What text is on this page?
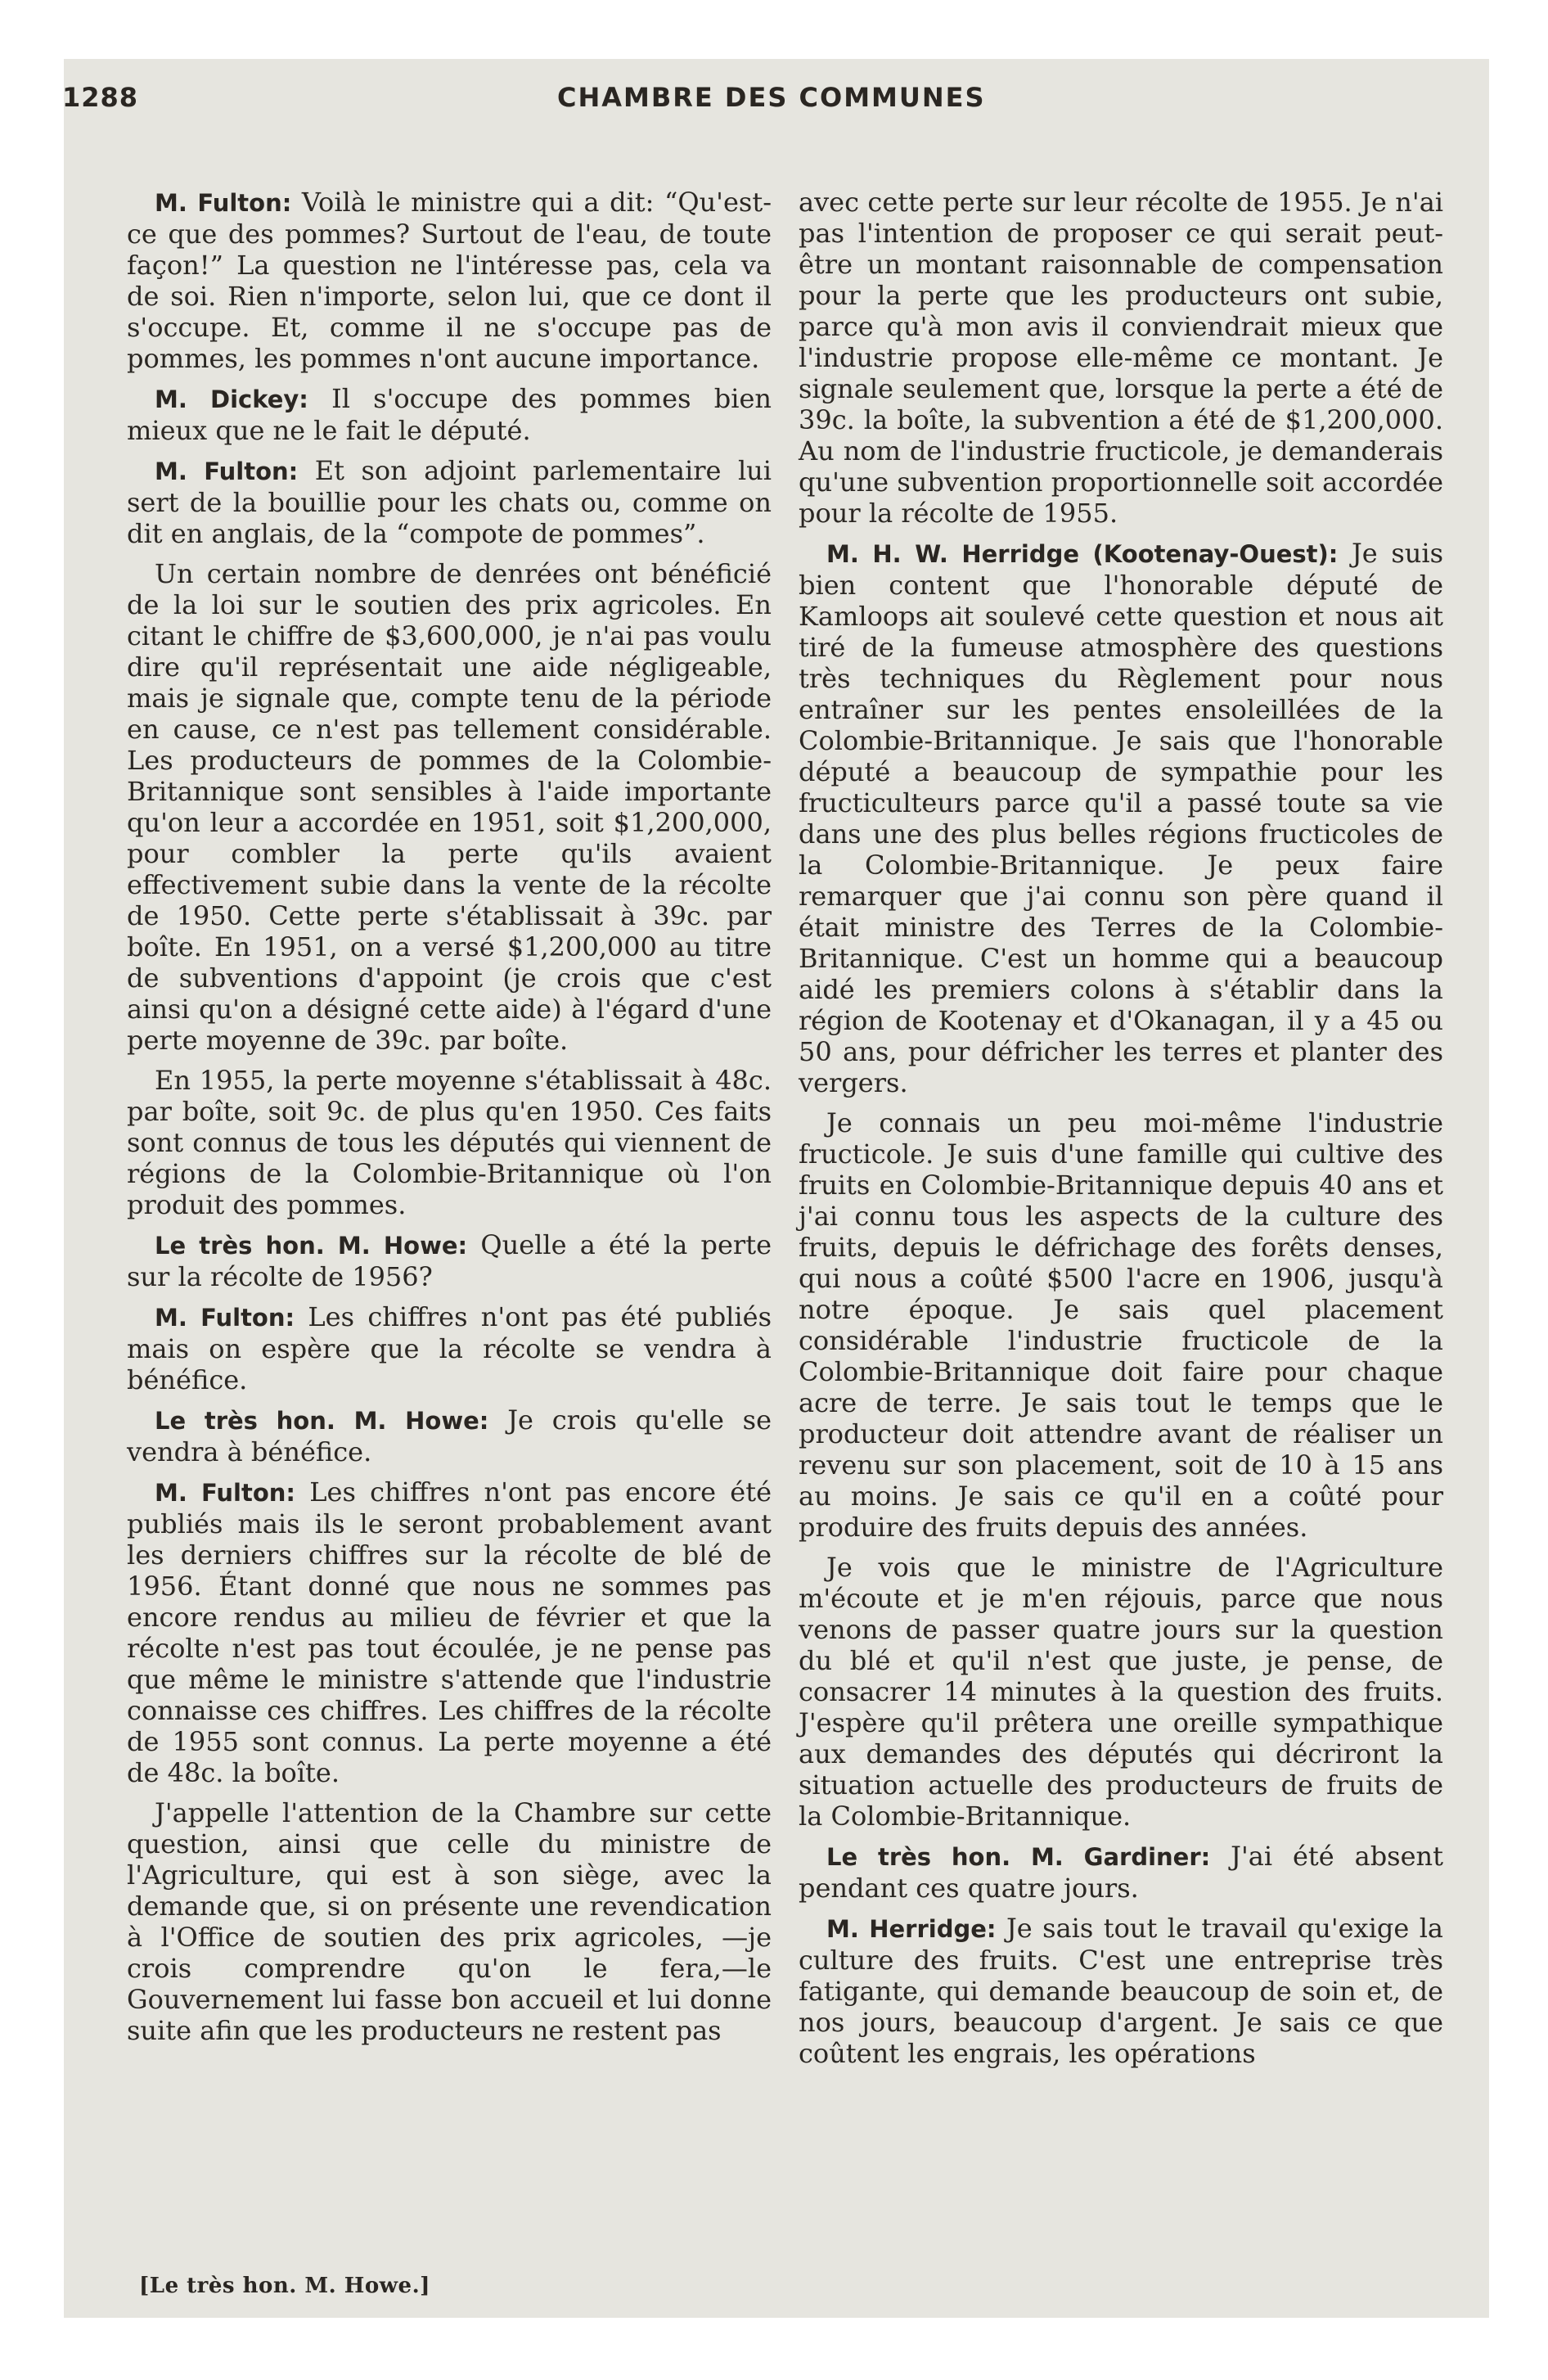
1288	CHAMBRE DES COMMUNES

M. Fulton: Voilà le ministre qui a dit: “Qu'est-ce que des pommes? Surtout de l'eau, de toute façon!” La question ne l'intéresse pas, cela va de soi. Rien n'importe, selon lui, que ce dont il s'occupe. Et, comme il ne s'occupe pas de pommes, les pommes n'ont aucune importance.

M. Dickey: Il s'occupe des pommes bien mieux que ne le fait le député.

M. Fulton: Et son adjoint parlementaire lui sert de la bouillie pour les chats ou, comme on dit en anglais, de la “compote de pommes”.

Un certain nombre de denrées ont bénéficié de la loi sur le soutien des prix agricoles. En citant le chiffre de $3,600,000, je n'ai pas voulu dire qu'il représentait une aide négligeable, mais je signale que, compte tenu de la période en cause, ce n'est pas tellement considérable. Les producteurs de pommes de la Colombie-Britannique sont sensibles à l'aide importante qu'on leur a accordée en 1951, soit $1,200,000, pour combler la perte qu'ils avaient effectivement subie dans la vente de la récolte de 1950. Cette perte s'établissait à 39c. par boîte. En 1951, on a versé $1,200,000 au titre de subventions d'appoint (je crois que c'est ainsi qu'on a désigné cette aide) à l'égard d'une perte moyenne de 39c. par boîte.

En 1955, la perte moyenne s'établissait à 48c. par boîte, soit 9c. de plus qu'en 1950. Ces faits sont connus de tous les députés qui viennent de régions de la Colombie-Britannique où l'on produit des pommes.

Le très hon. M. Howe: Quelle a été la perte sur la récolte de 1956?

M. Fulton: Les chiffres n'ont pas été publiés mais on espère que la récolte se vendra à bénéfice.

Le très hon. M. Howe: Je crois qu'elle se vendra à bénéfice.

M. Fulton: Les chiffres n'ont pas encore été publiés mais ils le seront probablement avant les derniers chiffres sur la récolte de blé de 1956. Étant donné que nous ne sommes pas encore rendus au milieu de février et que la récolte n'est pas tout écoulée, je ne pense pas que même le ministre s'attende que l'industrie connaisse ces chiffres. Les chiffres de la récolte de 1955 sont connus. La perte moyenne a été de 48c. la boîte.

J'appelle l'attention de la Chambre sur cette question, ainsi que celle du ministre de l'Agriculture, qui est à son siège, avec la demande que, si on présente une revendication à l'Office de soutien des prix agricoles, —je crois comprendre qu'on le fera,—le Gouvernement lui fasse bon accueil et lui donne suite afin que les producteurs ne restent pas

avec cette perte sur leur récolte de 1955. Je n'ai pas l'intention de proposer ce qui serait peut-être un montant raisonnable de compensation pour la perte que les producteurs ont subie, parce qu'à mon avis il conviendrait mieux que l'industrie propose elle-même ce montant. Je signale seulement que, lorsque la perte a été de 39c. la boîte, la subvention a été de $1,200,000. Au nom de l'industrie fructicole, je demanderais qu'une subvention proportionnelle soit accordée pour la récolte de 1955.

M. H. W. Herridge (Kootenay-Ouest): Je suis bien content que l'honorable député de Kamloops ait soulevé cette question et nous ait tiré de la fumeuse atmosphère des questions très techniques du Règlement pour nous entraîner sur les pentes ensoleillées de la Colombie-Britannique. Je sais que l'honorable député a beaucoup de sympathie pour les fructiculteurs parce qu'il a passé toute sa vie dans une des plus belles régions fructicoles de la Colombie-Britannique. Je peux faire remarquer que j'ai connu son père quand il était ministre des Terres de la Colombie-Britannique. C'est un homme qui a beaucoup aidé les premiers colons à s'établir dans la région de Kootenay et d'Okanagan, il y a 45 ou 50 ans, pour défricher les terres et planter des vergers.

Je connais un peu moi-même l'industrie fructicole. Je suis d'une famille qui cultive des fruits en Colombie-Britannique depuis 40 ans et j'ai connu tous les aspects de la culture des fruits, depuis le défrichage des forêts denses, qui nous a coûté $500 l'acre en 1906, jusqu'à notre époque. Je sais quel placement considérable l'industrie fructicole de la Colombie-Britannique doit faire pour chaque acre de terre. Je sais tout le temps que le producteur doit attendre avant de réaliser un revenu sur son placement, soit de 10 à 15 ans au moins. Je sais ce qu'il en a coûté pour produire des fruits depuis des années.

Je vois que le ministre de l'Agriculture m'écoute et je m'en réjouis, parce que nous venons de passer quatre jours sur la question du blé et qu'il n'est que juste, je pense, de consacrer 14 minutes à la question des fruits. J'espère qu'il prêtera une oreille sympathique aux demandes des députés qui décriront la situation actuelle des producteurs de fruits de la Colombie-Britannique.

Le très hon. M. Gardiner: J'ai été absent pendant ces quatre jours.

M. Herridge: Je sais tout le travail qu'exige la culture des fruits. C'est une entreprise très fatigante, qui demande beaucoup de soin et, de nos jours, beaucoup d'argent. Je sais ce que coûtent les engrais, les opérations

[Le très hon. M. Howe.]
